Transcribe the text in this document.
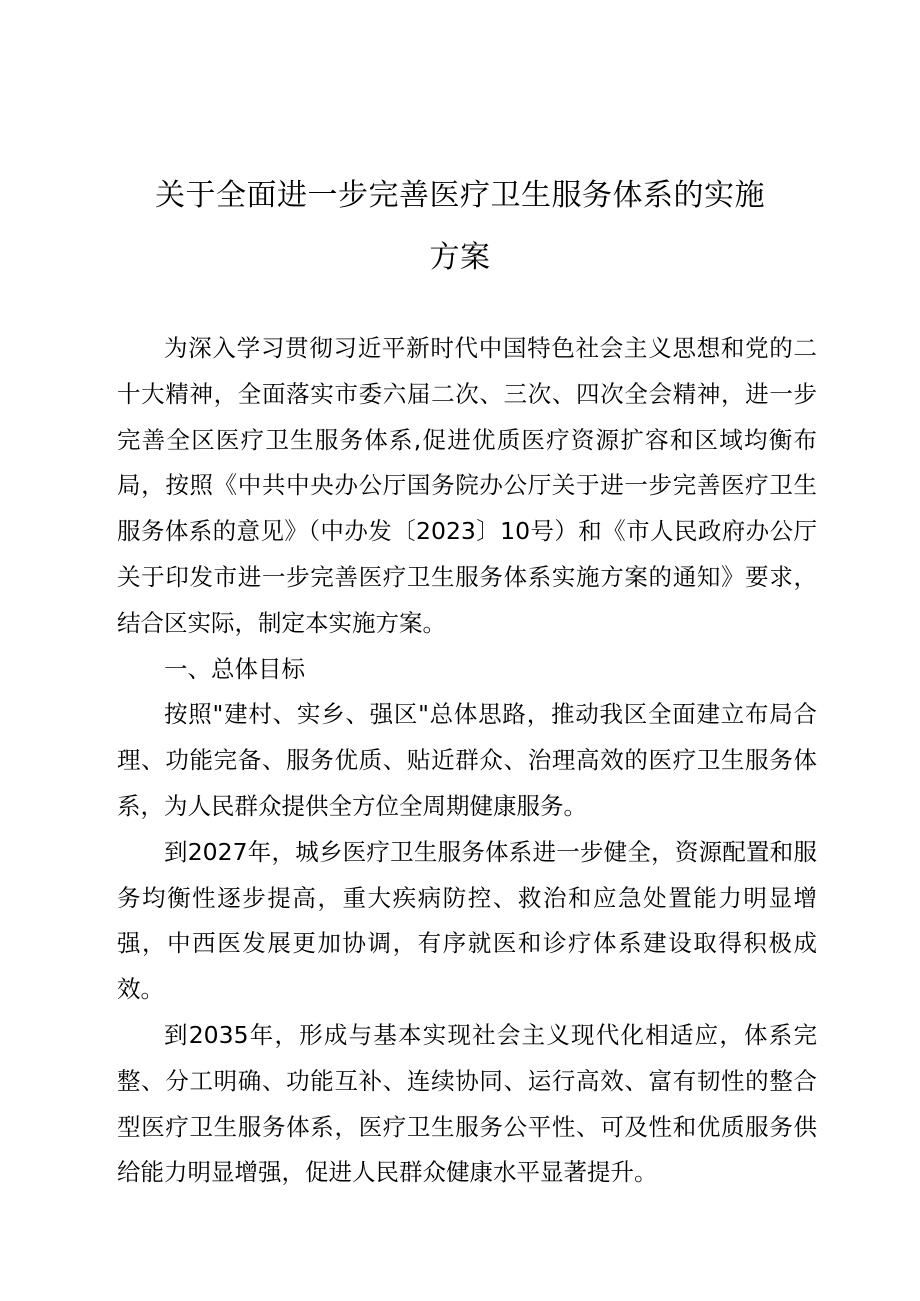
关于全面进一步完善医疗卫生服务体系的实施
方案

为深入学习贯彻习近平新时代中国特色社会主义思想和党的二十大精神，全面落实市委六届二次、三次、四次全会精神，进一步完善全区医疗卫生服务体系,促进优质医疗资源扩容和区域均衡布局，按照《中共中央办公厅国务院办公厅关于进一步完善医疗卫生服务体系的意见》（中办发〔2023〕10号）和《市人民政府办公厅关于印发市进一步完善医疗卫生服务体系实施方案的通知》要求，结合区实际，制定本实施方案。

一、总体目标

按照"建村、实乡、强区"总体思路，推动我区全面建立布局合理、功能完备、服务优质、贴近群众、治理高效的医疗卫生服务体系，为人民群众提供全方位全周期健康服务。

到2027年，城乡医疗卫生服务体系进一步健全，资源配置和服务均衡性逐步提高，重大疾病防控、救治和应急处置能力明显增强，中西医发展更加协调，有序就医和诊疗体系建设取得积极成效。

到2035年，形成与基本实现社会主义现代化相适应，体系完整、分工明确、功能互补、连续协同、运行高效、富有韧性的整合型医疗卫生服务体系，医疗卫生服务公平性、可及性和优质服务供给能力明显增强，促进人民群众健康水平显著提升。
